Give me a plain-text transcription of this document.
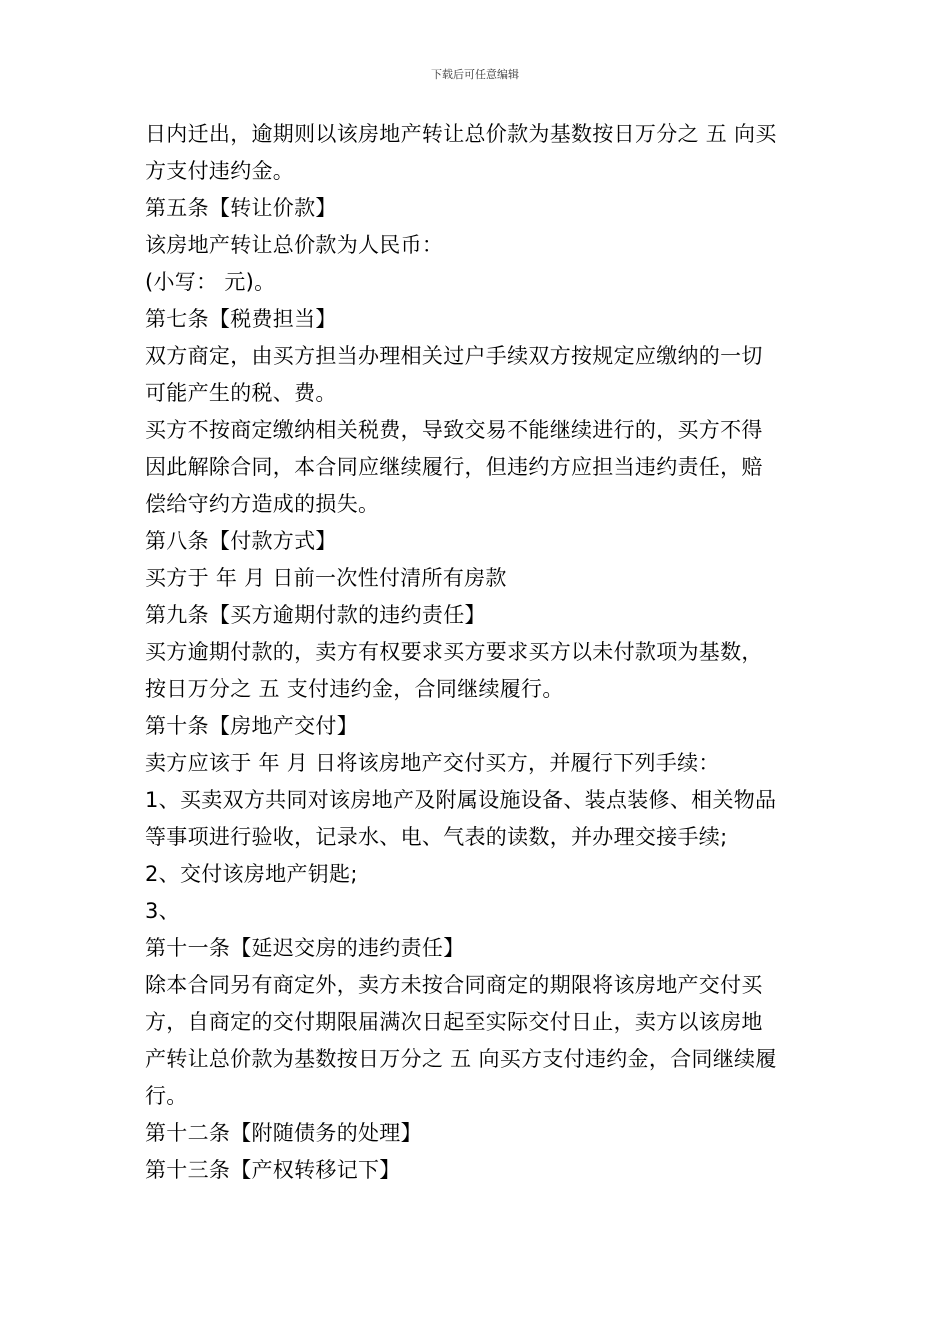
下载后可任意编辑
日内迁出，逾期则以该房地产转让总价款为基数按日万分之 五 向买
方支付违约金。
第五条【转让价款】
该房地产转让总价款为人民币：
(小写： 元)。
第七条【税费担当】
双方商定，由买方担当办理相关过户手续双方按规定应缴纳的一切
可能产生的税、费。
买方不按商定缴纳相关税费，导致交易不能继续进行的，买方不得
因此解除合同，本合同应继续履行，但违约方应担当违约责任，赔
偿给守约方造成的损失。
第八条【付款方式】
买方于 年 月 日前一次性付清所有房款
第九条【买方逾期付款的违约责任】
买方逾期付款的，卖方有权要求买方要求买方以未付款项为基数，
按日万分之 五 支付违约金，合同继续履行。
第十条【房地产交付】
卖方应该于 年 月 日将该房地产交付买方，并履行下列手续：
1、买卖双方共同对该房地产及附属设施设备、装点装修、相关物品
等事项进行验收，记录水、电、气表的读数，并办理交接手续;
2、交付该房地产钥匙;
3、
第十一条【延迟交房的违约责任】
除本合同另有商定外，卖方未按合同商定的期限将该房地产交付买
方，自商定的交付期限届满次日起至实际交付日止，卖方以该房地
产转让总价款为基数按日万分之 五 向买方支付违约金，合同继续履
行。
第十二条【附随债务的处理】
第十三条【产权转移记下】
